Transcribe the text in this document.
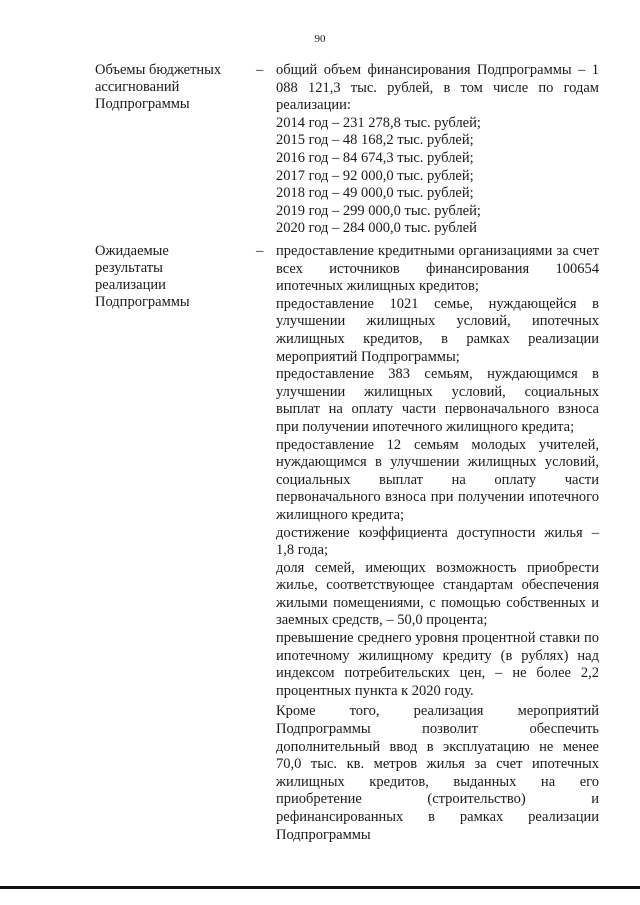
90
Объемы бюджетных
ассигнований
Подпрограммы
– общий объем финансирования Подпрограммы – 1 088 121,3 тыс. рублей, в том числе по годам реализации:

2014 год – 231 278,8 тыс. рублей;
2015 год – 48 168,2 тыс. рублей;
2016 год – 84 674,3 тыс. рублей;
2017 год – 92 000,0 тыс. рублей;
2018 год – 49 000,0 тыс. рублей;
2019 год – 299 000,0 тыс. рублей;
2020 год – 284 000,0 тыс. рублей
Ожидаемые
результаты
реализации
Подпрограммы
– предоставление кредитными организациями за счет всех источников финансирования 100654 ипотечных жилищных кредитов;

предоставление 1021 семье, нуждающейся в улучшении жилищных условий, ипотечных жилищных кредитов, в рамках реализации мероприятий Подпрограммы;

предоставление 383 семьям, нуждающимся в улучшении жилищных условий, социальных выплат на оплату части первоначального взноса при получении ипотечного жилищного кредита;

предоставление 12 семьям молодых учителей, нуждающимся в улучшении жилищных условий, социальных выплат на оплату части первоначального взноса при получении ипотечного жилищного кредита;

достижение коэффициента доступности жилья – 1,8 года;

доля семей, имеющих возможность приобрести жилье, соответствующее стандартам обеспечения жилыми помещениями, с помощью собственных и заемных средств, – 50,0 процента;

превышение среднего уровня процентной ставки по ипотечному жилищному кредиту (в рублях) над индексом потребительских цен, – не более 2,2 процентных пункта к 2020 году.

Кроме того, реализация мероприятий Подпрограммы позволит обеспечить дополнительный ввод в эксплуатацию не менее 70,0 тыс. кв. метров жилья за счет ипотечных жилищных кредитов, выданных на его приобретение (строительство) и рефинансированных в рамках реализации Подпрограммы
